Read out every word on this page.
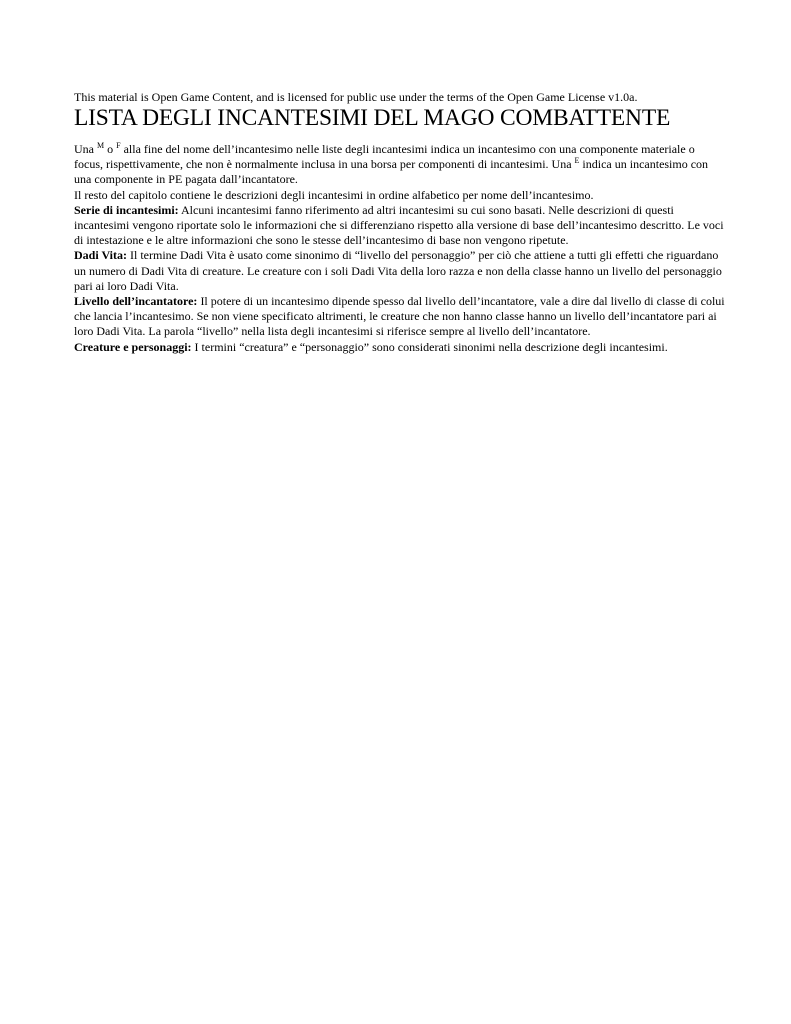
This material is Open Game Content, and is licensed for public use under the terms of the Open Game License v1.0a.

LISTA DEGLI INCANTESIMI DEL MAGO COMBATTENTE

Una $^M$ o $^F$ alla fine del nome dell’incantesimo nelle liste degli incantesimi indica un incantesimo con una componente materiale o focus, rispettivamente, che non è normalmente inclusa in una borsa per componenti di incantesimi. Una $^E$ indica un incantesimo con una componente in PE pagata dall’incantatore.

Il resto del capitolo contiene le descrizioni degli incantesimi in ordine alfabetico per nome dell’incantesimo.

Serie di incantesimi: Alcuni incantesimi fanno riferimento ad altri incantesimi su cui sono basati. Nelle descrizioni di questi incantesimi vengono riportate solo le informazioni che si differenziano rispetto alla versione di base dell’incantesimo descritto. Le voci di intestazione e le altre informazioni che sono le stesse dell’incantesimo di base non vengono ripetute.

Dadi Vita: Il termine Dadi Vita è usato come sinonimo di “livello del personaggio” per ciò che attiene a tutti gli effetti che riguardano un numero di Dadi Vita di creature. Le creature con i soli Dadi Vita della loro razza e non della classe hanno un livello del personaggio pari ai loro Dadi Vita.

Livello dell’incantatore: Il potere di un incantesimo dipende spesso dal livello dell’incantatore, vale a dire dal livello di classe di colui che lancia l’incantesimo. Se non viene specificato altrimenti, le creature che non hanno classe hanno un livello dell’incantatore pari ai loro Dadi Vita. La parola “livello” nella lista degli incantesimi si riferisce sempre al livello dell’incantatore.

Creature e personaggi: I termini “creatura” e “personaggio” sono considerati sinonimi nella descrizione degli incantesimi.
